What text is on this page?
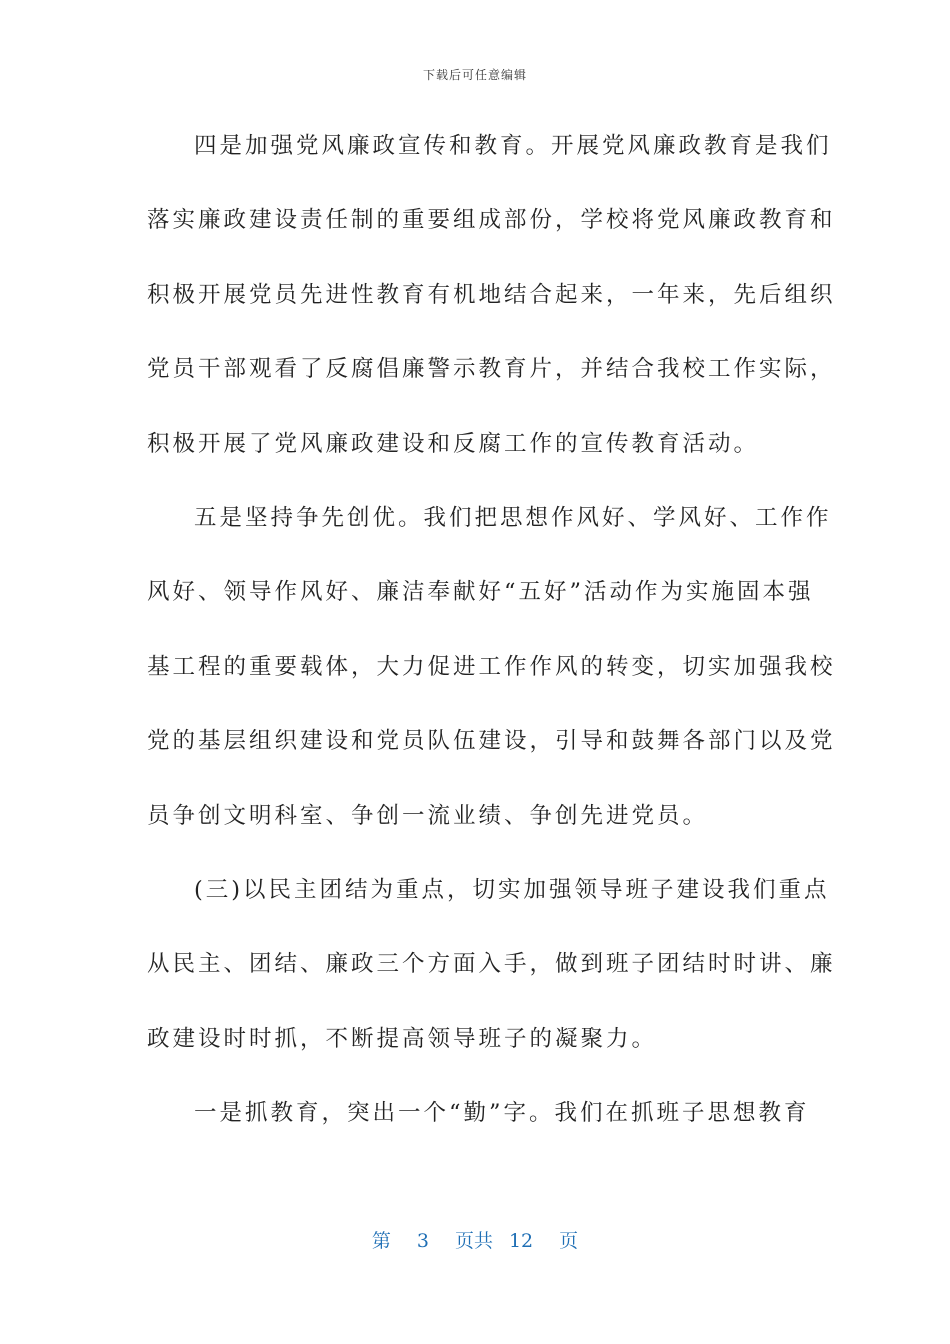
下载后可任意编辑
四是加强党风廉政宣传和教育。开展党风廉政教育是我们
落实廉政建设责任制的重要组成部份，学校将党风廉政教育和
积极开展党员先进性教育有机地结合起来，一年来，先后组织
党员干部观看了反腐倡廉警示教育片，并结合我校工作实际，
积极开展了党风廉政建设和反腐工作的宣传教育活动。
五是坚持争先创优。我们把思想作风好、学风好、工作作
风好、领导作风好、廉洁奉献好“五好”活动作为实施固本强
基工程的重要载体，大力促进工作作风的转变，切实加强我校
党的基层组织建设和党员队伍建设，引导和鼓舞各部门以及党
员争创文明科室、争创一流业绩、争创先进党员。
(三)以民主团结为重点，切实加强领导班子建设我们重点
从民主、团结、廉政三个方面入手，做到班子团结时时讲、廉
政建设时时抓，不断提高领导班子的凝聚力。
一是抓教育，突出一个“勤”字。我们在抓班子思想教育
第 3 页共 12 页
